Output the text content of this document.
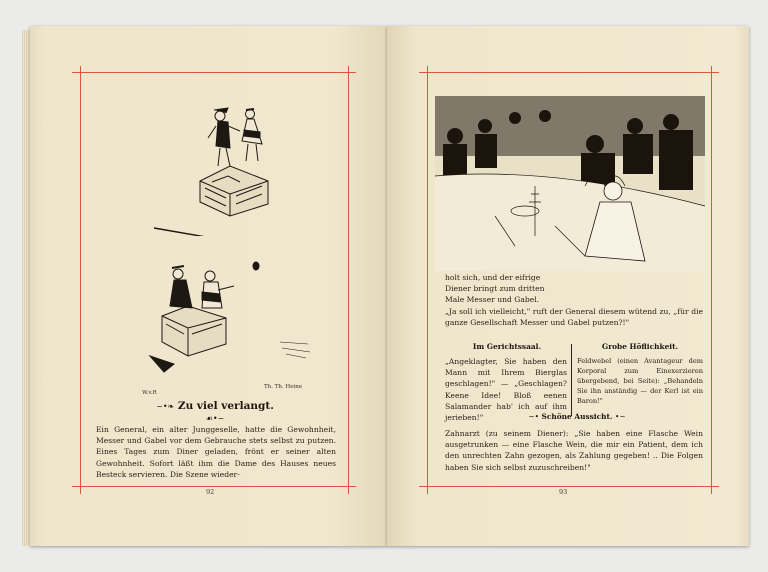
W.v.R
Th. Th. Heine
~•❧ Zu viel verlangt. ☙•~
Ein General, ein alter Junggeselle, hatte die Gewohnheit, Messer und Gabel vor dem Gebrauche stets selbst zu putzen. Eines Tages zum Diner geladen, frönt er seiner alten Gewohnheit. Sofort läßt ihm die Dame des Hauses neues Besteck servieren. Die Szene wieder-
92
holt sich, und der eifrige
Diener bringt zum dritten
Male Messer und Gabel.
„Ja soll ich vielleicht," ruft der General diesem wütend zu, „für die ganze Gesellschaft Messer und Gabel putzen?!"
Im Gerichtssaal.
„Angeklagter, Sie haben den Mann mit Ihrem Bierglas geschlagen!" — „Geschlagen? Keene Idee! Bloß eenen Salamander hab' ich auf ihm jerieben!"
Grobe Höflichkeit.
Feldwebel (einen Avantageur dem Korporal zum Einexerzieren übergebend, bei Seite): „Behandeln Sie ihn anständig — der Kerl ist ein Baron!"
~• Schöne Aussicht. •~
Zahnarzt (zu seinem Diener): „Sie haben eine Flasche Wein ausgetrunken — eine Flasche Wein, die mir ein Patient, dem ich den unrechten Zahn gezogen, als Zahlung gegeben! .. Die Folgen haben Sie sich selbst zuzuschreiben!"
93
